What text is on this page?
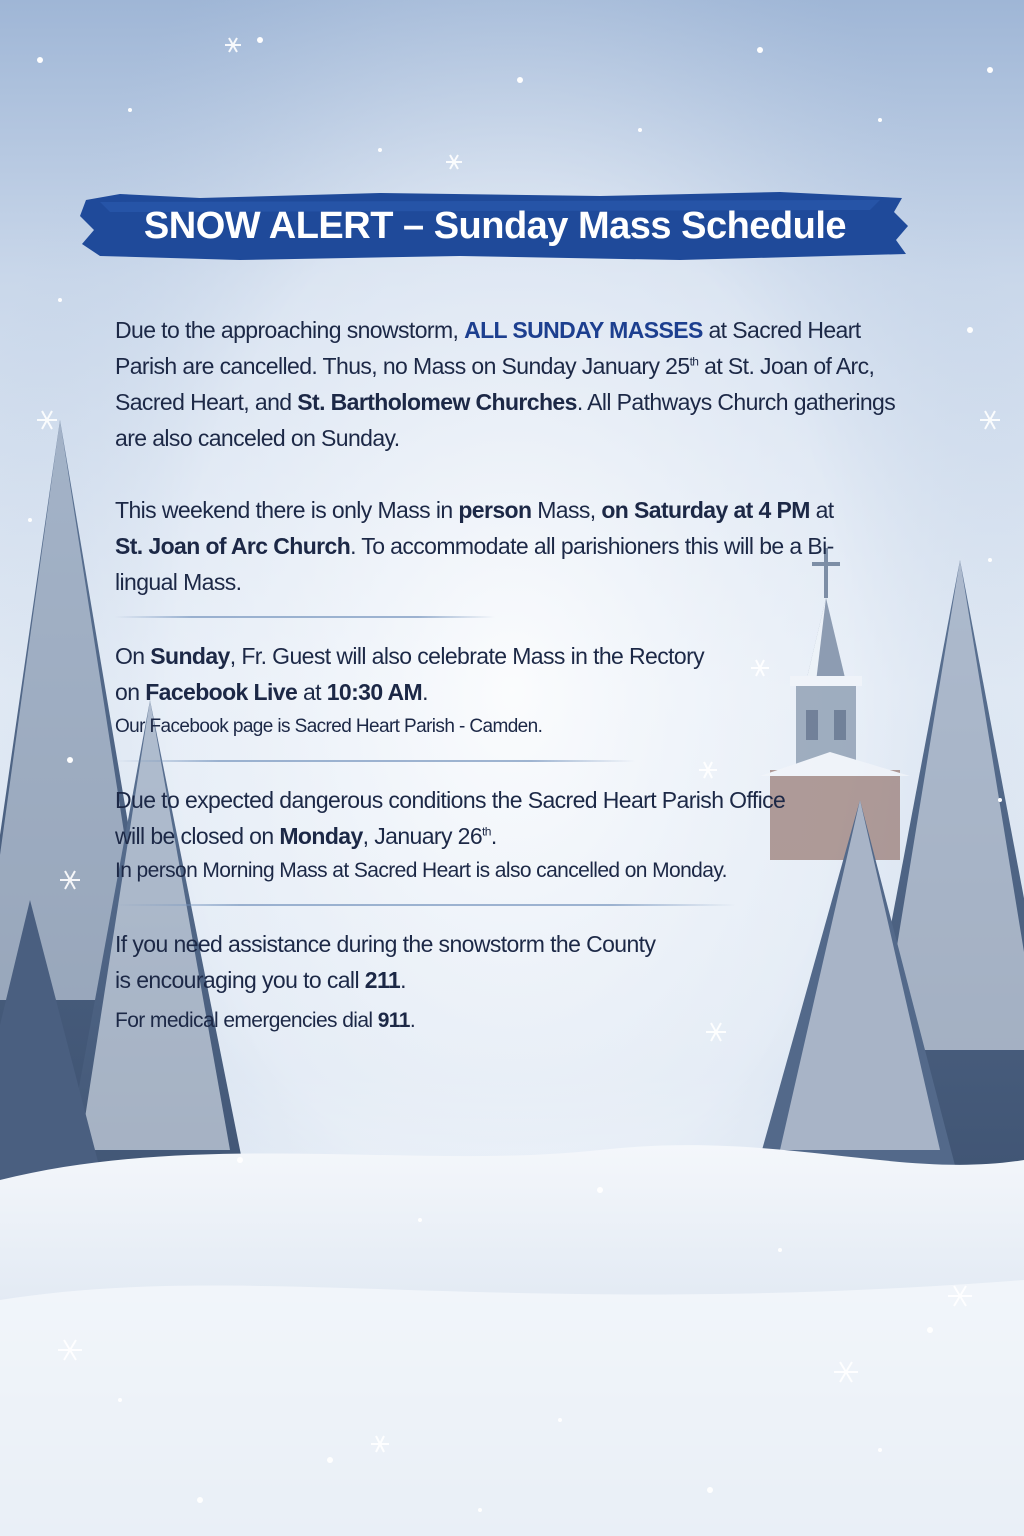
SNOW ALERT – Sunday Mass Schedule

Due to the approaching snowstorm, ALL SUNDAY MASSES at Sacred Heart Parish are cancelled. Thus, no Mass on Sunday January 25th at St. Joan of Arc, Sacred Heart, and St. Bartholomew Churches. All Pathways Church gatherings are also canceled on Sunday.

This weekend there is only Mass in person Mass, on Saturday at 4 PM at St. Joan of Arc Church. To accommodate all parishioners this will be a Bi-lingual Mass.

On Sunday, Fr. Guest will also celebrate Mass in the Rectory on Facebook Live at 10:30 AM.

Our Facebook page is Sacred Heart Parish - Camden.

Due to expected dangerous conditions the Sacred Heart Parish Office will be closed on Monday, January 26th.

In person Morning Mass at Sacred Heart is also cancelled on Monday.

If you need assistance during the snowstorm the County is encouraging you to call 211.

For medical emergencies dial 911.
